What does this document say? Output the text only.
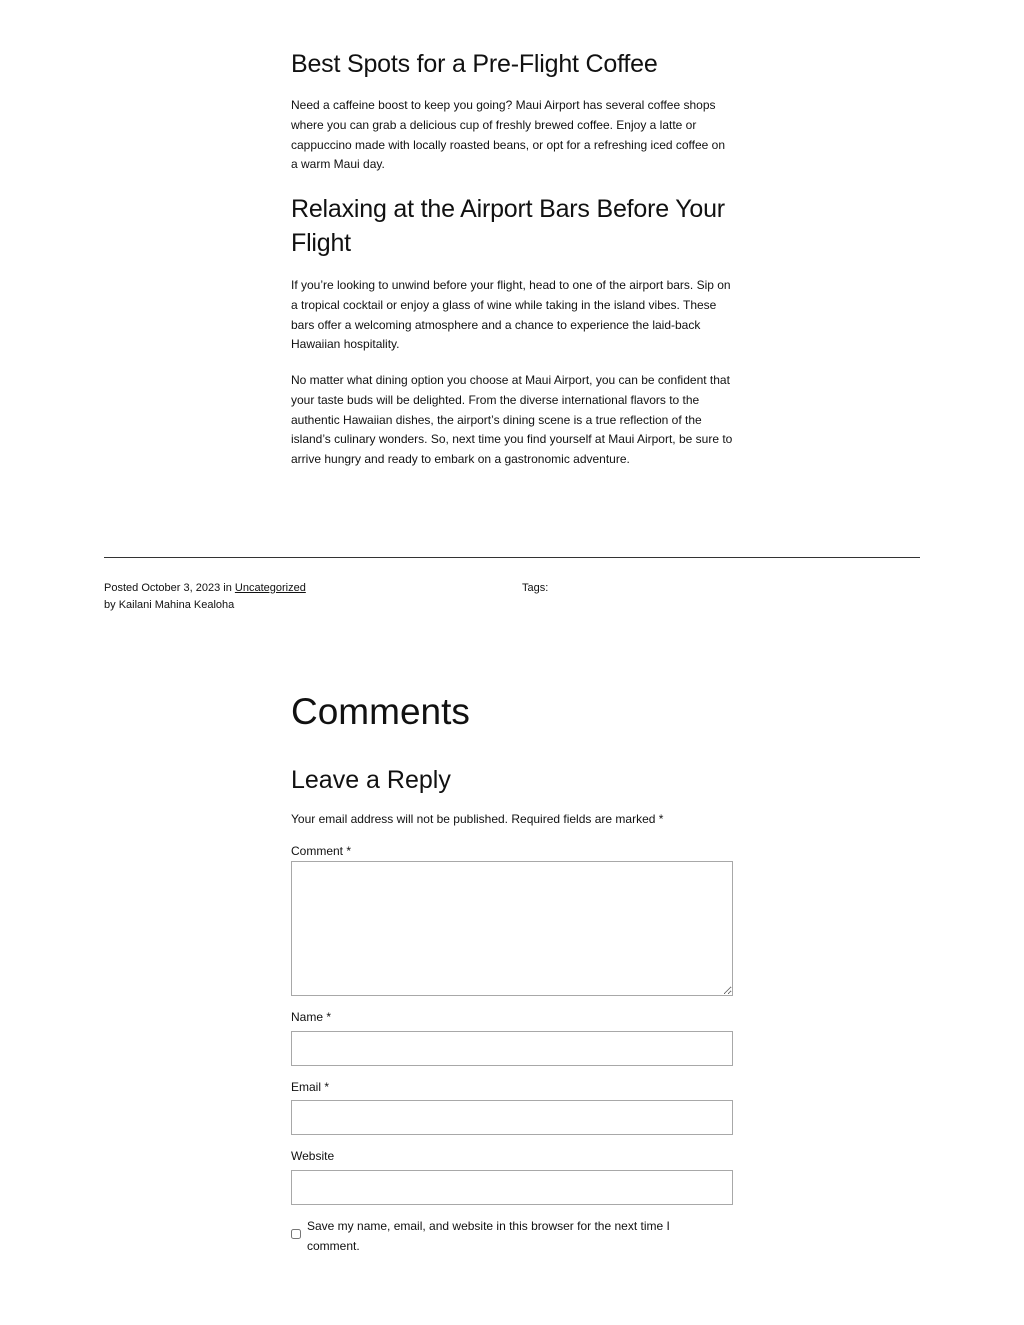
Best Spots for a Pre-Flight Coffee

Need a caffeine boost to keep you going? Maui Airport has several coffee shops where you can grab a delicious cup of freshly brewed coffee. Enjoy a latte or cappuccino made with locally roasted beans, or opt for a refreshing iced coffee on a warm Maui day.

Relaxing at the Airport Bars Before Your Flight

If you’re looking to unwind before your flight, head to one of the airport bars. Sip on a tropical cocktail or enjoy a glass of wine while taking in the island vibes. These bars offer a welcoming atmosphere and a chance to experience the laid-back Hawaiian hospitality.

No matter what dining option you choose at Maui Airport, you can be confident that your taste buds will be delighted. From the diverse international flavors to the authentic Hawaiian dishes, the airport’s dining scene is a true reflection of the island’s culinary wonders. So, next time you find yourself at Maui Airport, be sure to arrive hungry and ready to embark on a gastronomic adventure.

Posted October 3, 2023 in Uncategorized
by Kailani Mahina Kealoha
Tags:
Comments
Leave a Reply

Your email address will not be published. Required fields are marked *

Comment *
Name *
Email *
Website
Save my name, email, and website in this browser for the next time I comment.
